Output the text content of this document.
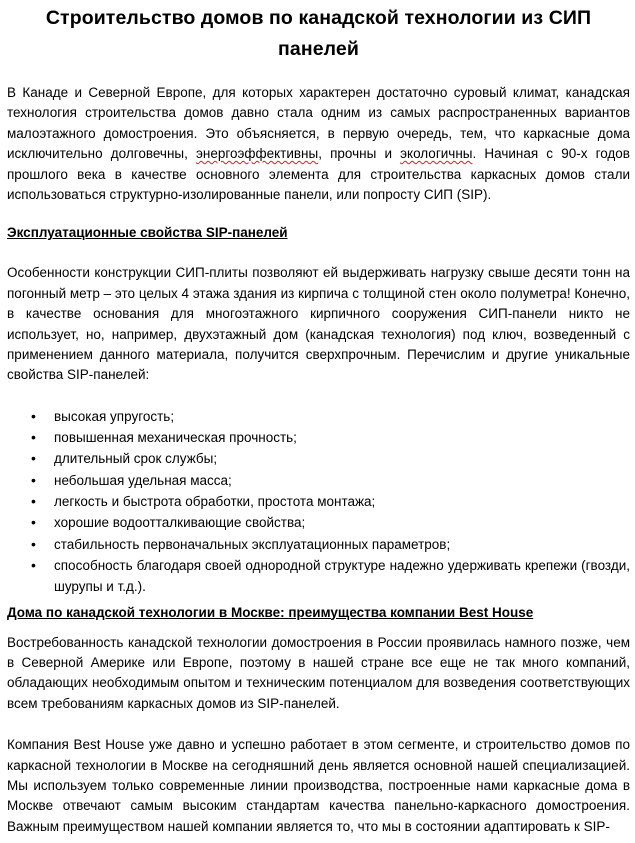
Строительство домов по канадской технологии из СИП панелей

В Канаде и Северной Европе, для которых характерен достаточно суровый климат, канадская технология строительства домов давно стала одним из самых распространенных вариантов малоэтажного домостроения. Это объясняется, в первую очередь, тем, что каркасные дома исключительно долговечны, энергоэффективны, прочны и экологичны. Начиная с 90-х годов прошлого века в качестве основного элемента для строительства каркасных домов стали использоваться структурно-изолированные панели, или попросту СИП (SIP).

Эксплуатационные свойства SIP-панелей

Особенности конструкции СИП-плиты позволяют ей выдерживать нагрузку свыше десяти тонн на погонный метр – это целых 4 этажа здания из кирпича с толщиной стен около полуметра! Конечно, в качестве основания для многоэтажного кирпичного сооружения СИП-панели никто не использует, но, например, двухэтажный дом (канадская технология) под ключ, возведенный с применением данного материала, получится сверхпрочным. Перечислим и другие уникальные свойства SIP-панелей:

• высокая упругость;
• повышенная механическая прочность;
• длительный срок службы;
• небольшая удельная масса;
• легкость и быстрота обработки, простота монтажа;
• хорошие водоотталкивающие свойства;
• стабильность первоначальных эксплуатационных параметров;
• способность благодаря своей однородной структуре надежно удерживать крепежи (гвозди, шурупы и т.д.).

Дома по канадской технологии в Москве: преимущества компании Best House

Востребованность канадской технологии домостроения в России проявилась намного позже, чем в Северной Америке или Европе, поэтому в нашей стране все еще не так много компаний, обладающих необходимым опытом и техническим потенциалом для возведения соответствующих всем требованиям каркасных домов из SIP-панелей.

Компания Best House уже давно и успешно работает в этом сегменте, и строительство домов по каркасной технологии в Москве на сегодняшний день является основной нашей специализацией. Мы используем только современные линии производства, построенные нами каркасные дома в Москве отвечают самым высоким стандартам качества панельно-каркасного домостроения. Важным преимуществом нашей компании является то, что мы в состоянии адаптировать к SIP-
